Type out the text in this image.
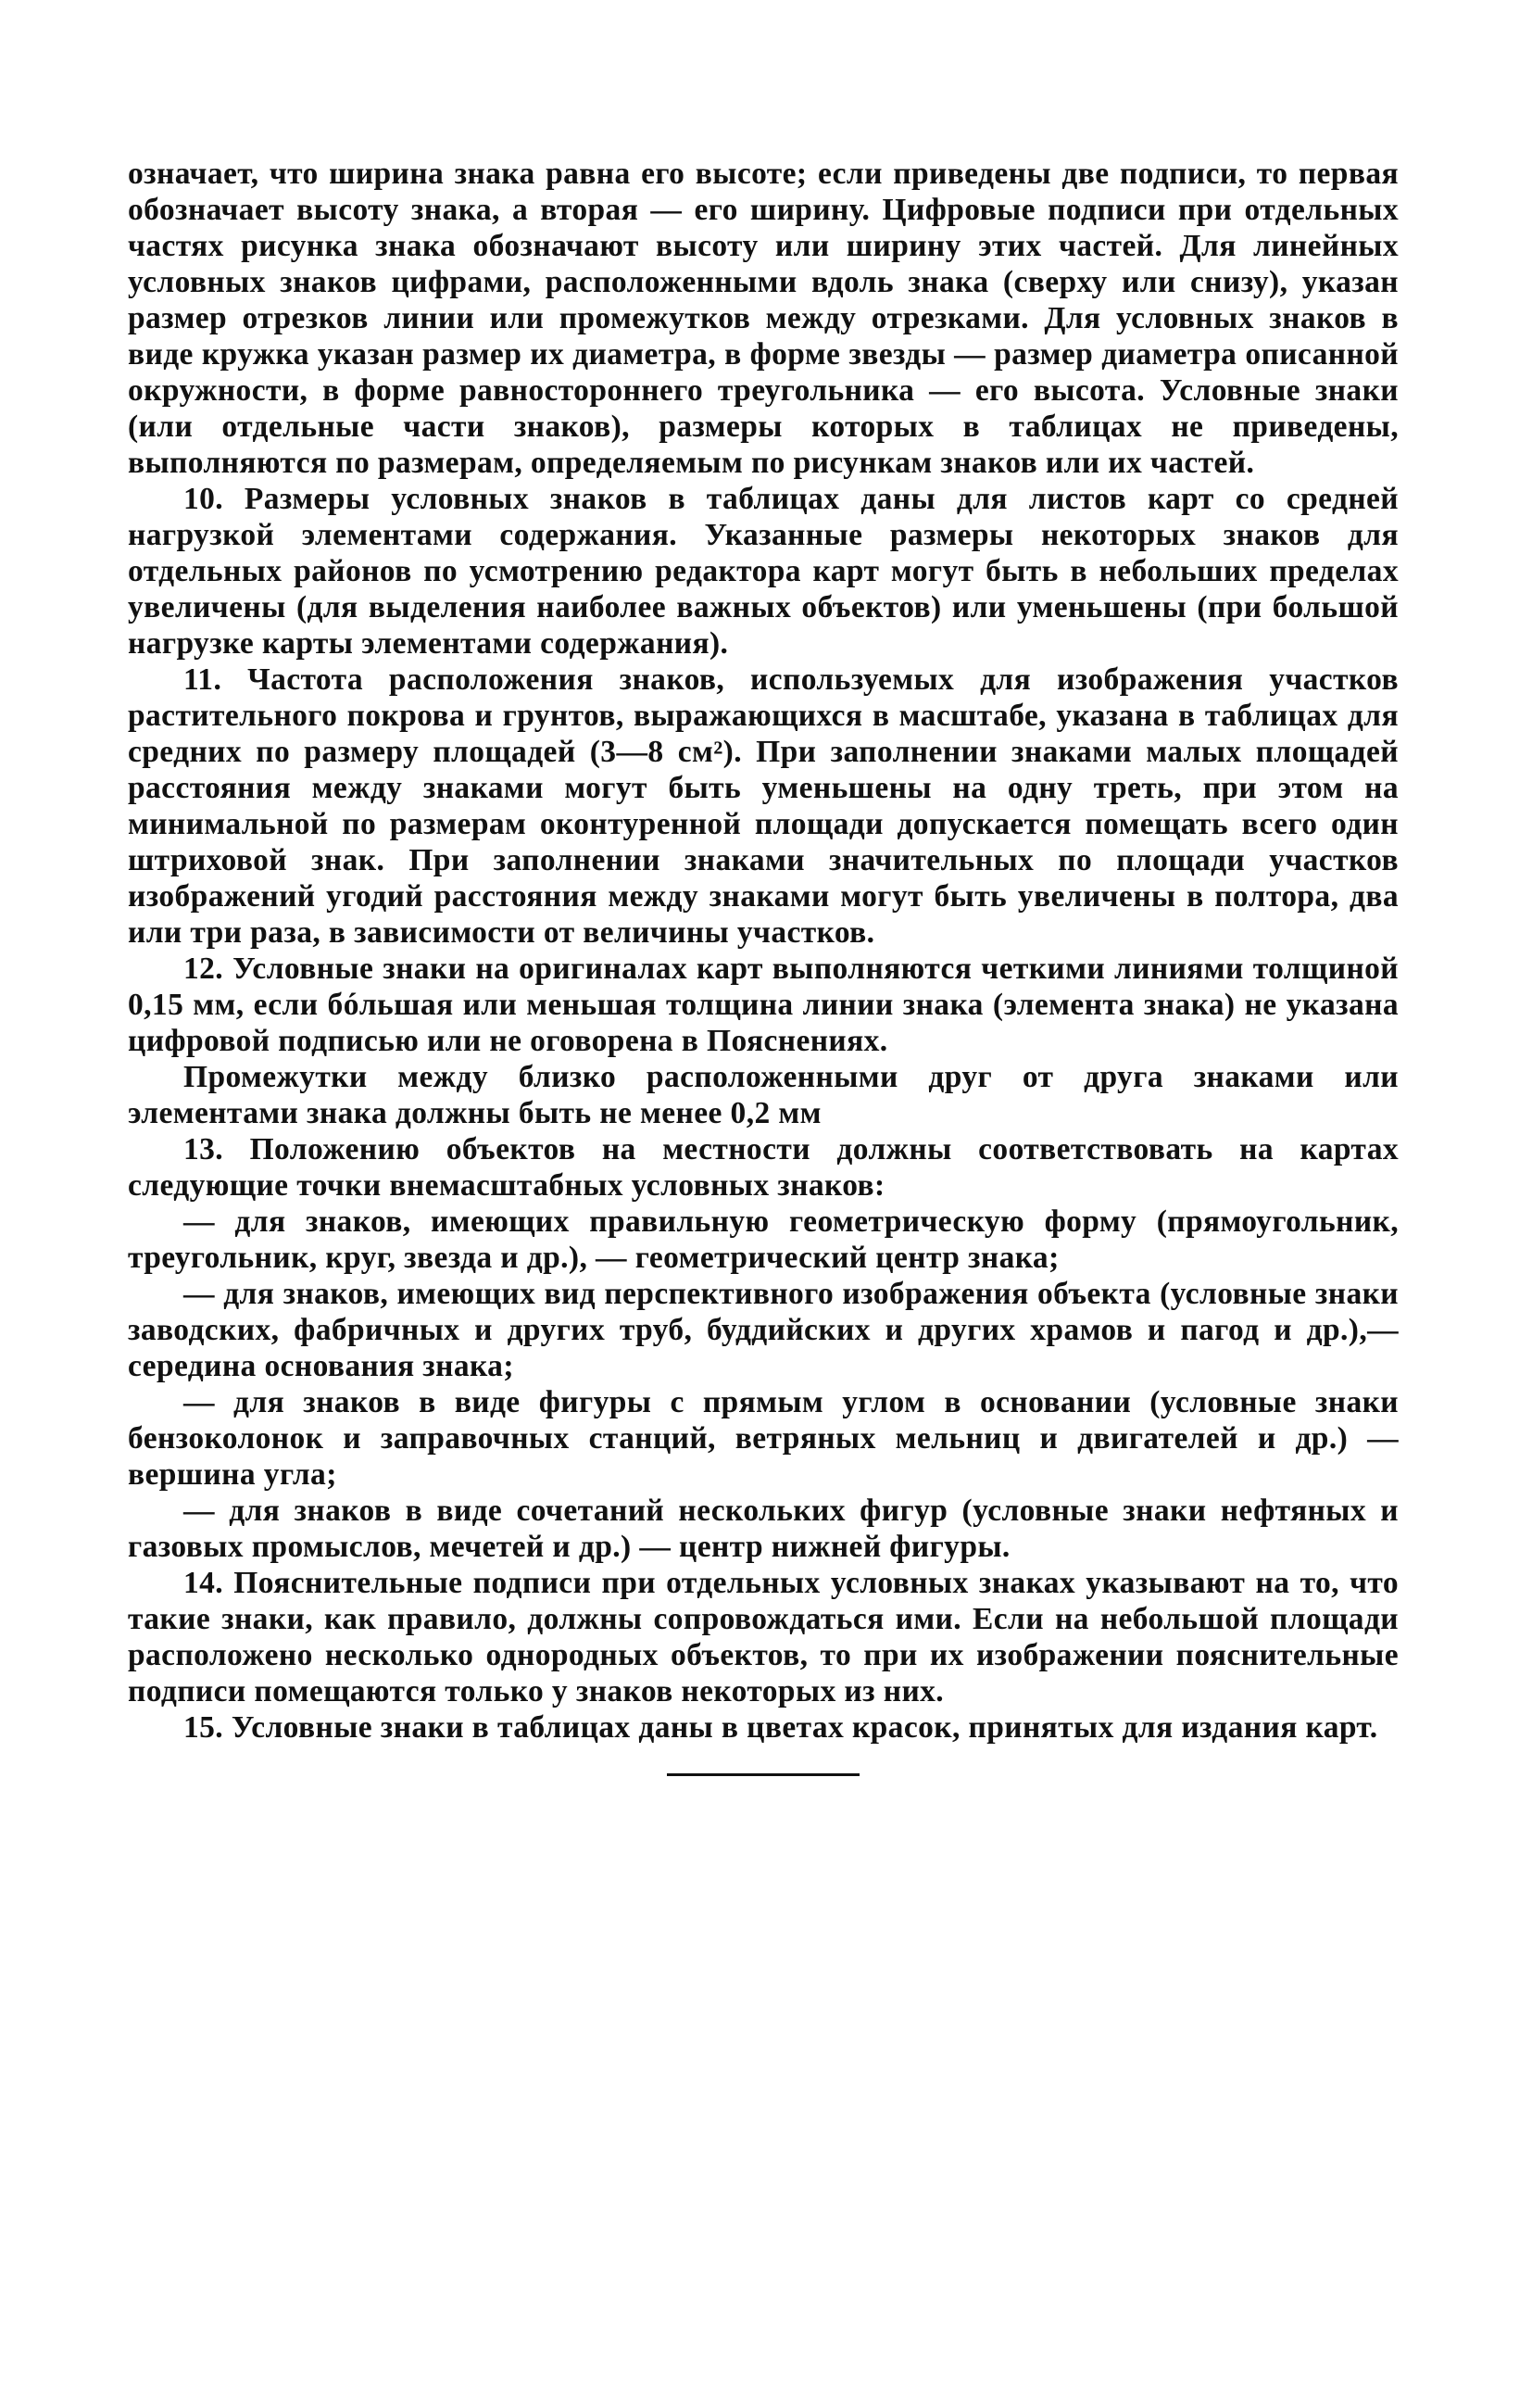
означает, что ширина знака равна его высоте; если приведены две подписи, то первая обозначает высоту знака, а вторая — его ширину. Цифровые подписи при отдельных частях рисунка знака обозначают высоту или ширину этих частей. Для линейных условных знаков цифрами, расположенными вдоль знака (сверху или снизу), указан размер отрезков линии или промежутков между отрезками. Для условных знаков в виде кружка указан размер их диаметра, в форме звезды — размер диаметра описанной окружности, в форме равностороннего треугольника — его высота. Условные знаки (или отдельные части знаков), размеры которых в таблицах не приведены, выполняются по размерам, определяемым по рисункам знаков или их частей.

10. Размеры условных знаков в таблицах даны для листов карт со средней нагрузкой элементами содержания. Указанные размеры некоторых знаков для отдельных районов по усмотрению редактора карт могут быть в небольших пределах увеличены (для выделения наиболее важных объектов) или уменьшены (при большой нагрузке карты элементами содержания).

11. Частота расположения знаков, используемых для изображения участков растительного покрова и грунтов, выражающихся в масштабе, указана в таблицах для средних по размеру площадей (3—8 см²). При заполнении знаками малых площадей расстояния между знаками могут быть уменьшены на одну треть, при этом на минимальной по размерам оконтуренной площади допускается помещать всего один штриховой знак. При заполнении знаками значительных по площади участков изображений угодий расстояния между знаками могут быть увеличены в полтора, два или три раза, в зависимости от величины участков.

12. Условные знаки на оригиналах карт выполняются четкими линиями толщиной 0,15 мм, если бóльшая или меньшая толщина линии знака (элемента знака) не указана цифровой подписью или не оговорена в Пояснениях.

Промежутки между близко расположенными друг от друга знаками или элементами знака должны быть не менее 0,2 мм

13. Положению объектов на местности должны соответствовать на картах следующие точки внемасштабных условных знаков:

— для знаков, имеющих правильную геометрическую форму (прямоугольник, треугольник, круг, звезда и др.), — геометрический центр знака;

— для знаков, имеющих вид перспективного изображения объекта (условные знаки заводских, фабричных и других труб, буддийских и других храмов и пагод и др.),— середина основания знака;

— для знаков в виде фигуры с прямым углом в основании (условные знаки бензоколонок и заправочных станций, ветряных мельниц и двигателей и др.) — вершина угла;

— для знаков в виде сочетаний нескольких фигур (условные знаки нефтяных и газовых промыслов, мечетей и др.) — центр нижней фигуры.

14. Пояснительные подписи при отдельных условных знаках указывают на то, что такие знаки, как правило, должны сопровождаться ими. Если на небольшой площади расположено несколько однородных объектов, то при их изображении пояснительные подписи помещаются только у знаков некоторых из них.

15. Условные знаки в таблицах даны в цветах красок, принятых для издания карт.
